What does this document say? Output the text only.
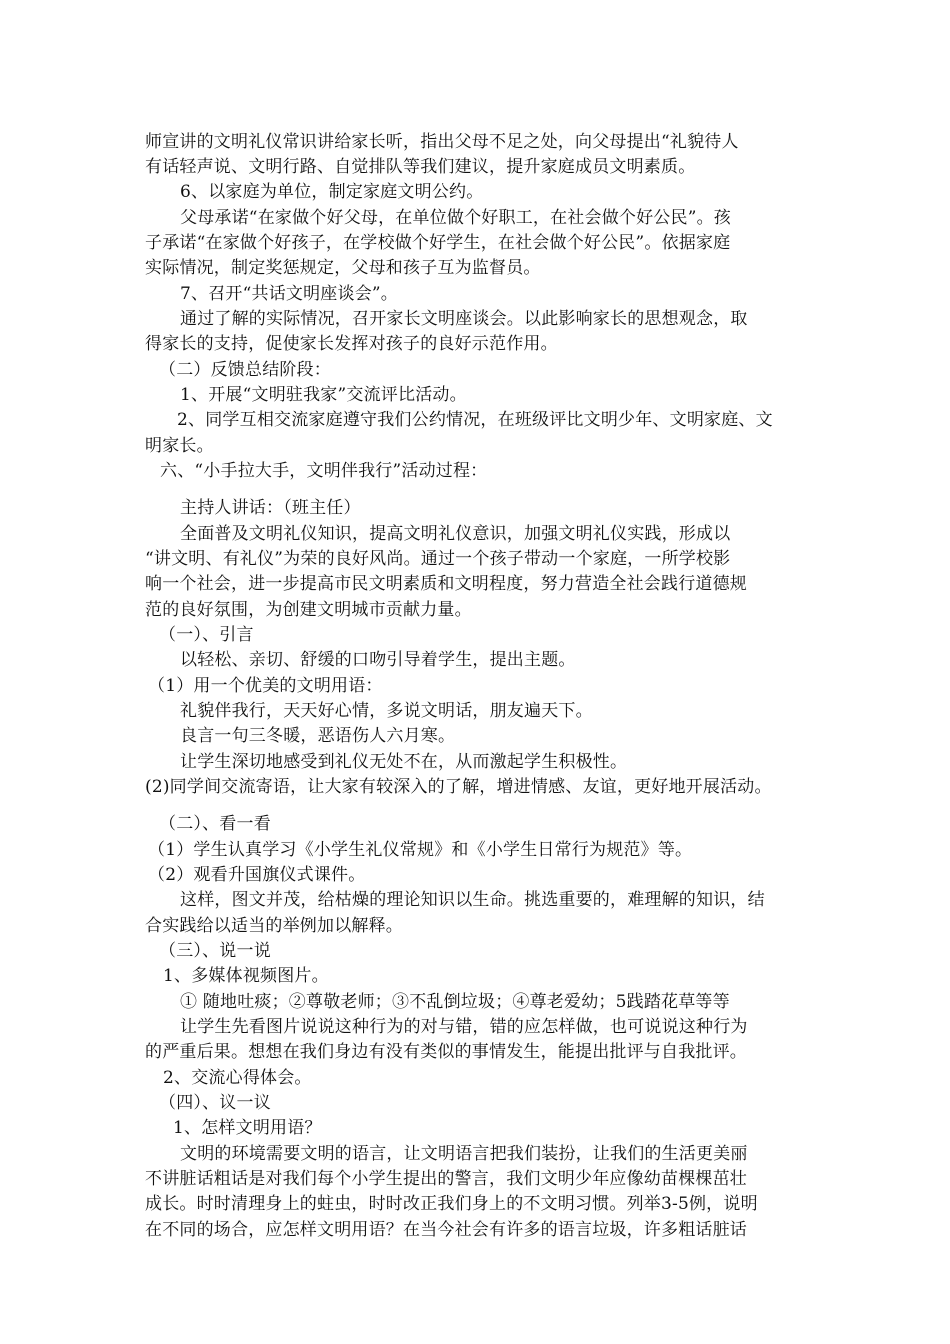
师宣讲的文明礼仪常识讲给家长听，指出父母不足之处，向父母提出“礼貌待人
有话轻声说、文明行路、自觉排队等我们建议，提升家庭成员文明素质。
6、以家庭为单位，制定家庭文明公约。
父母承诺“在家做个好父母，在单位做个好职工，在社会做个好公民”。孩
子承诺“在家做个好孩子，在学校做个好学生，在社会做个好公民”。依据家庭
实际情况，制定奖惩规定，父母和孩子互为监督员。
7、召开“共话文明座谈会”。
通过了解的实际情况，召开家长文明座谈会。以此影响家长的思想观念，取
得家长的支持，促使家长发挥对孩子的良好示范作用。
（二）反馈总结阶段：
1、开展“文明驻我家”交流评比活动。
2、同学互相交流家庭遵守我们公约情况，在班级评比文明少年、文明家庭、文
明家长。
六、“小手拉大手，文明伴我行”活动过程：
主持人讲话：（班主任）
全面普及文明礼仪知识，提高文明礼仪意识，加强文明礼仪实践，形成以
“讲文明、有礼仪”为荣的良好风尚。通过一个孩子带动一个家庭，一所学校影
响一个社会，进一步提高市民文明素质和文明程度，努力营造全社会践行道德规
范的良好氛围，为创建文明城市贡献力量。
（一）、引言
以轻松、亲切、舒缓的口吻引导着学生，提出主题。
（1）用一个优美的文明用语：
礼貌伴我行，天天好心情，多说文明话，朋友遍天下。
良言一句三冬暖，恶语伤人六月寒。
让学生深切地感受到礼仪无处不在，从而激起学生积极性。
(2)同学间交流寄语，让大家有较深入的了解，增进情感、友谊，更好地开展活动。
（二）、看一看
（1）学生认真学习《小学生礼仪常规》和《小学生日常行为规范》等。
（2）观看升国旗仪式课件。
这样，图文并茂，给枯燥的理论知识以生命。挑选重要的，难理解的知识，结
合实践给以适当的举例加以解释。
（三）、说一说
1、多媒体视频图片。
① 随地吐痰；②尊敬老师；③不乱倒垃圾；④尊老爱幼；5践踏花草等等
让学生先看图片说说这种行为的对与错，错的应怎样做，也可说说这种行为
的严重后果。想想在我们身边有没有类似的事情发生，能提出批评与自我批评。
2、交流心得体会。
（四）、议一议
1、怎样文明用语？
文明的环境需要文明的语言，让文明语言把我们装扮，让我们的生活更美丽
不讲脏话粗话是对我们每个小学生提出的警言，我们文明少年应像幼苗棵棵茁壮
成长。时时清理身上的蛀虫，时时改正我们身上的不文明习惯。列举3-5例，说明
在不同的场合，应怎样文明用语？在当今社会有许多的语言垃圾，许多粗话脏话
